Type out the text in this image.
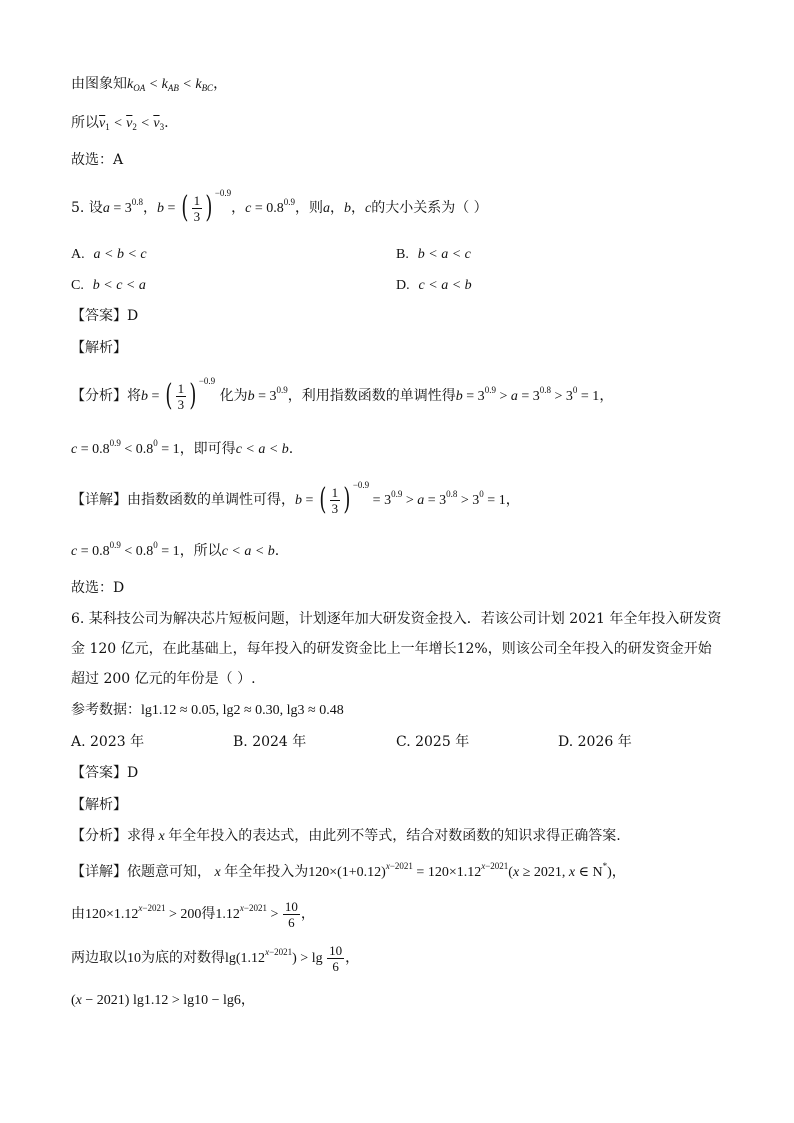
由图象知$k_{OA} < k_{AB} < k_{BC}$，
所以$\overline{v}_1 < \overline{v}_2 < \overline{v}_3$.
故选：A
5. 设$a = 3^{0.8}$，b = ( $\frac{1}{3}$ ) $^{-0.9}$，$c = 0.8^{0.9}$，则a，b，c的大小关系为（ ）
A. a < b < c	B. b < a < c
C. b < c < a	D. c < a < b
【答案】D
【解析】
【分析】将b = ( $\frac{1}{3}$ ) $^{-0.9}$ 化为$b = 3^{0.9}$，利用指数函数的单调性得$b = 3^{0.9} > a = 3^{0.8} > 3^0 = 1$，
$c = 0.8^{0.9} < 0.8^0 = 1$，即可得c < a < b.
【详解】由指数函数的单调性可得，b = ( $\frac{1}{3}$ ) $^{-0.9} = 3^{0.9} > a = 3^{0.8} > 3^0 = 1$，
$c = 0.8^{0.9} < 0.8^0 = 1$，所以c < a < b.
故选：D
6. 某科技公司为解决芯片短板问题，计划逐年加大研发资金投入．若该公司计划 2021 年全年投入研发资
金 120 亿元，在此基础上，每年投入的研发资金比上一年增长12%，则该公司全年投入的研发资金开始
超过 200 亿元的年份是（ ）.
参考数据：lg1.12 ≈ 0.05, lg2 ≈ 0.30, lg3 ≈ 0.48
A. 2023 年	B. 2024 年	C. 2025 年	D. 2026 年
【答案】D
【解析】
【分析】求得 x 年全年投入的表达式，由此列不等式，结合对数函数的知识求得正确答案.
【详解】依题意可知， x 年全年投入为$120\times(1+0.12)^{x-2021} = 120\times 1.12^{x-2021}(x \ge 2021$, x ∈ N*)，
由$120\times 1.12^{x-2021} > 200$得$1.12^{x-2021} > \frac{10}{6}$ ，
两边取以10为底的对数得$\lg(1.12^{x-2021}) > \lg \frac{10}{6}$ ，
(x − 2021) lg1.12 > lg10 − lg6，
